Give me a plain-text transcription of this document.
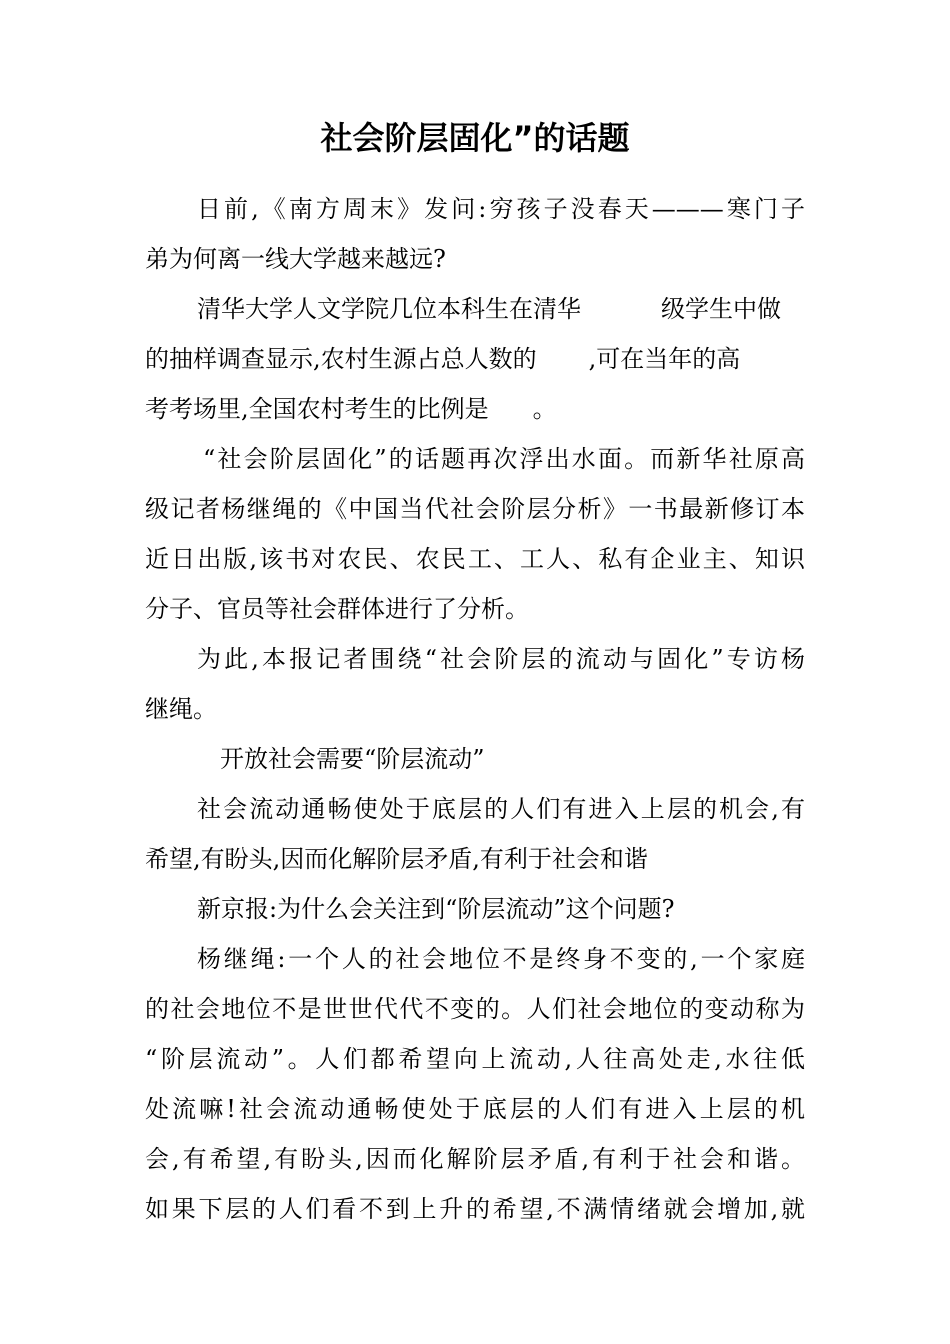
社会阶层固化”的话题
日前,《南方周末》发问:穷孩子没春天———寒门子
弟为何离一线大学越来越远?
清华大学人文学院几位本科生在清华	级学生中做
的抽样调查显示,农村生源占总人数的 ,可在当年的高
考考场里,全国农村考生的比例是 。
“社会阶层固化”的话题再次浮出水面。而新华社原高
级记者杨继绳的《中国当代社会阶层分析》一书最新修订本
近日出版,该书对农民、农民工、工人、私有企业主、知识
分子、官员等社会群体进行了分析。
为此,本报记者围绕“社会阶层的流动与固化”专访杨
继绳。
开放社会需要“阶层流动”
社会流动通畅使处于底层的人们有进入上层的机会,有
希望,有盼头,因而化解阶层矛盾,有利于社会和谐
新京报:为什么会关注到“阶层流动”这个问题?
杨继绳:一个人的社会地位不是终身不变的,一个家庭
的社会地位不是世世代代不变的。人们社会地位的变动称为
“阶层流动”。人们都希望向上流动,人往高处走,水往低
处流嘛!社会流动通畅使处于底层的人们有进入上层的机
会,有希望,有盼头,因而化解阶层矛盾,有利于社会和谐。
如果下层的人们看不到上升的希望,不满情绪就会增加,就
